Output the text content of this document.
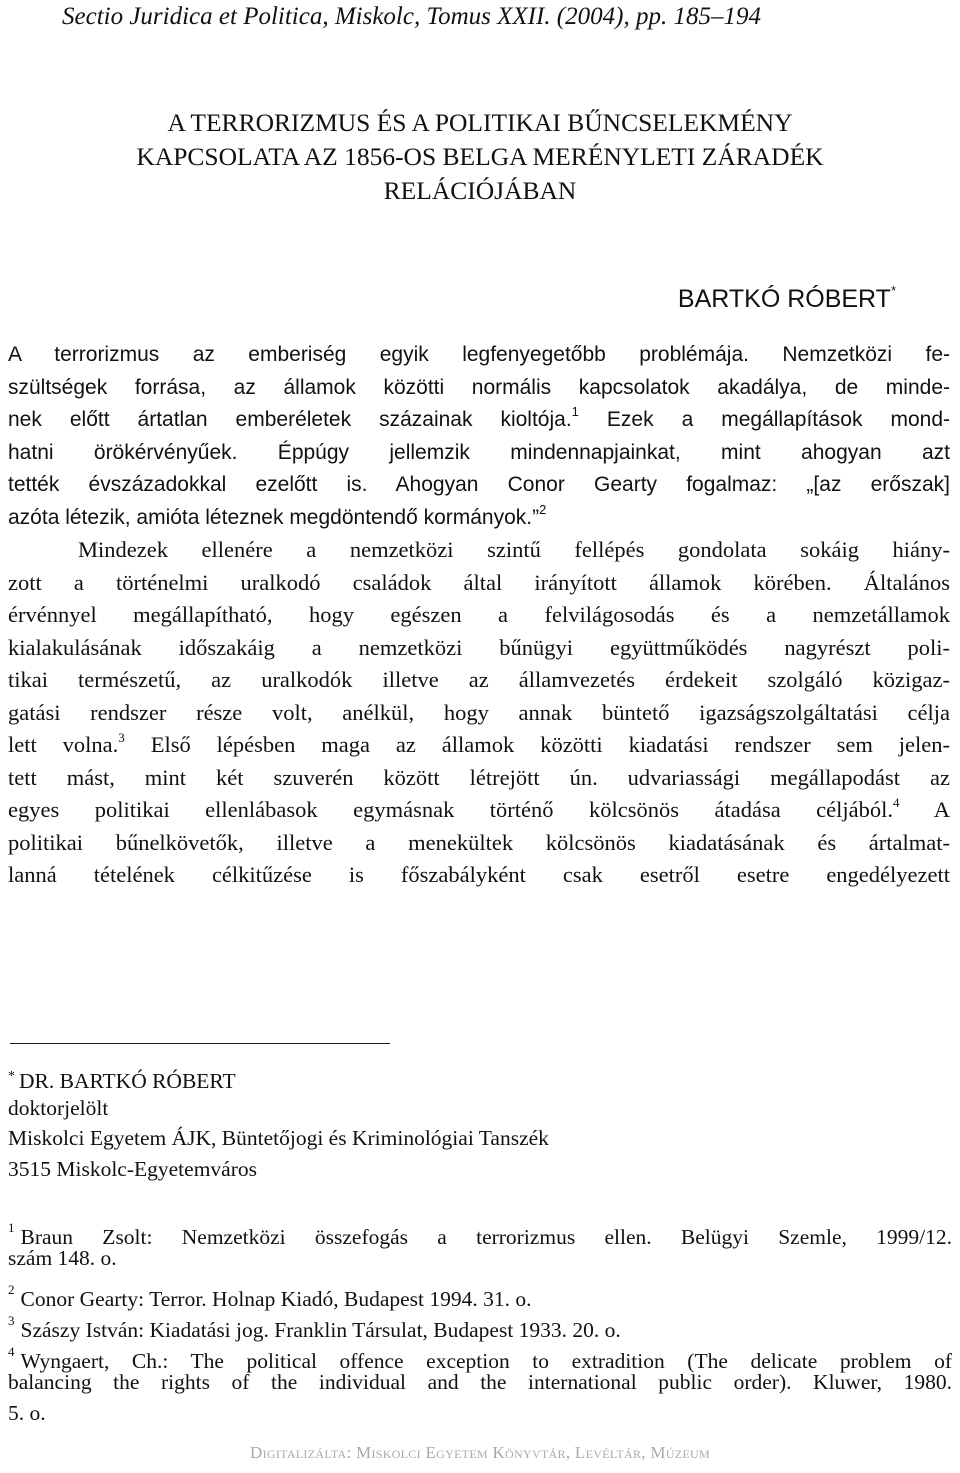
Sectio Juridica et Politica, Miskolc, Tomus XXII. (2004), pp. 185–194
A TERRORIZMUS ÉS A POLITIKAI BŰNCSELEKMÉNY
KAPCSOLATA AZ 1856-OS BELGA MERÉNYLETI ZÁRADÉK
RELÁCIÓJÁBAN
BARTKÓ RÓBERT*
A terrorizmus az emberiség egyik legfenyegetőbb problémája. Nemzetközi fe-
szültségek forrása, az államok közötti normális kapcsolatok akadálya, de minde-
nek előtt ártatlan emberéletek százainak kioltója.$^1$ Ezek a megállapítások mond-
hatni örökérvényűek. Éppúgy jellemzik mindennapjainkat, mint ahogyan azt
tették évszázadokkal ezelőtt is. Ahogyan Conor Gearty fogalmaz: „[az erőszak]
azóta létezik, amióta léteznek megdöntendő kormányok.”$^2$
Mindezek ellenére a nemzetközi szintű fellépés gondolata sokáig hiány-
zott a történelmi uralkodó családok által irányított államok körében. Általános
érvénnyel megállapítható, hogy egészen a felvilágosodás és a nemzetállamok
kialakulásának időszakáig a nemzetközi bűnügyi együttműködés nagyrészt poli-
tikai természetű, az uralkodók illetve az államvezetés érdekeit szolgáló közigaz-
gatási rendszer része volt, anélkül, hogy annak büntető igazságszolgáltatási célja
lett volna.$^3$ Első lépésben maga az államok közötti kiadatási rendszer sem jelen-
tett mást, mint két szuverén között létrejött ún. udvariassági megállapodást az
egyes politikai ellenlábasok egymásnak történő kölcsönös átadása céljából.$^4$ A
politikai bűnelkövetők, illetve a menekültek kölcsönös kiadatásának és ártalmat-
lanná tételének célkitűzése is főszabályként csak esetről esetre engedélyezett
* DR. BARTKÓ RÓBERT
doktorjelölt
Miskolci Egyetem ÁJK, Büntetőjogi és Kriminológiai Tanszék
3515 Miskolc-Egyetemváros
$^1$ Braun Zsolt: Nemzetközi összefogás a terrorizmus ellen. Belügyi Szemle, 1999/12.
szám 148. o.
$^2$ Conor Gearty: Terror. Holnap Kiadó, Budapest 1994. 31. o.
$^3$ Szászy István: Kiadatási jog. Franklin Társulat, Budapest 1933. 20. o.
$^4$ Wyngaert, Ch.: The political offence exception to extradition (The delicate problem of
balancing the rights of the individual and the international public order). Kluwer, 1980.
5. o.
Digitalizálta: Miskolci Egyetem Könyvtár, Levéltár, Múzeum
